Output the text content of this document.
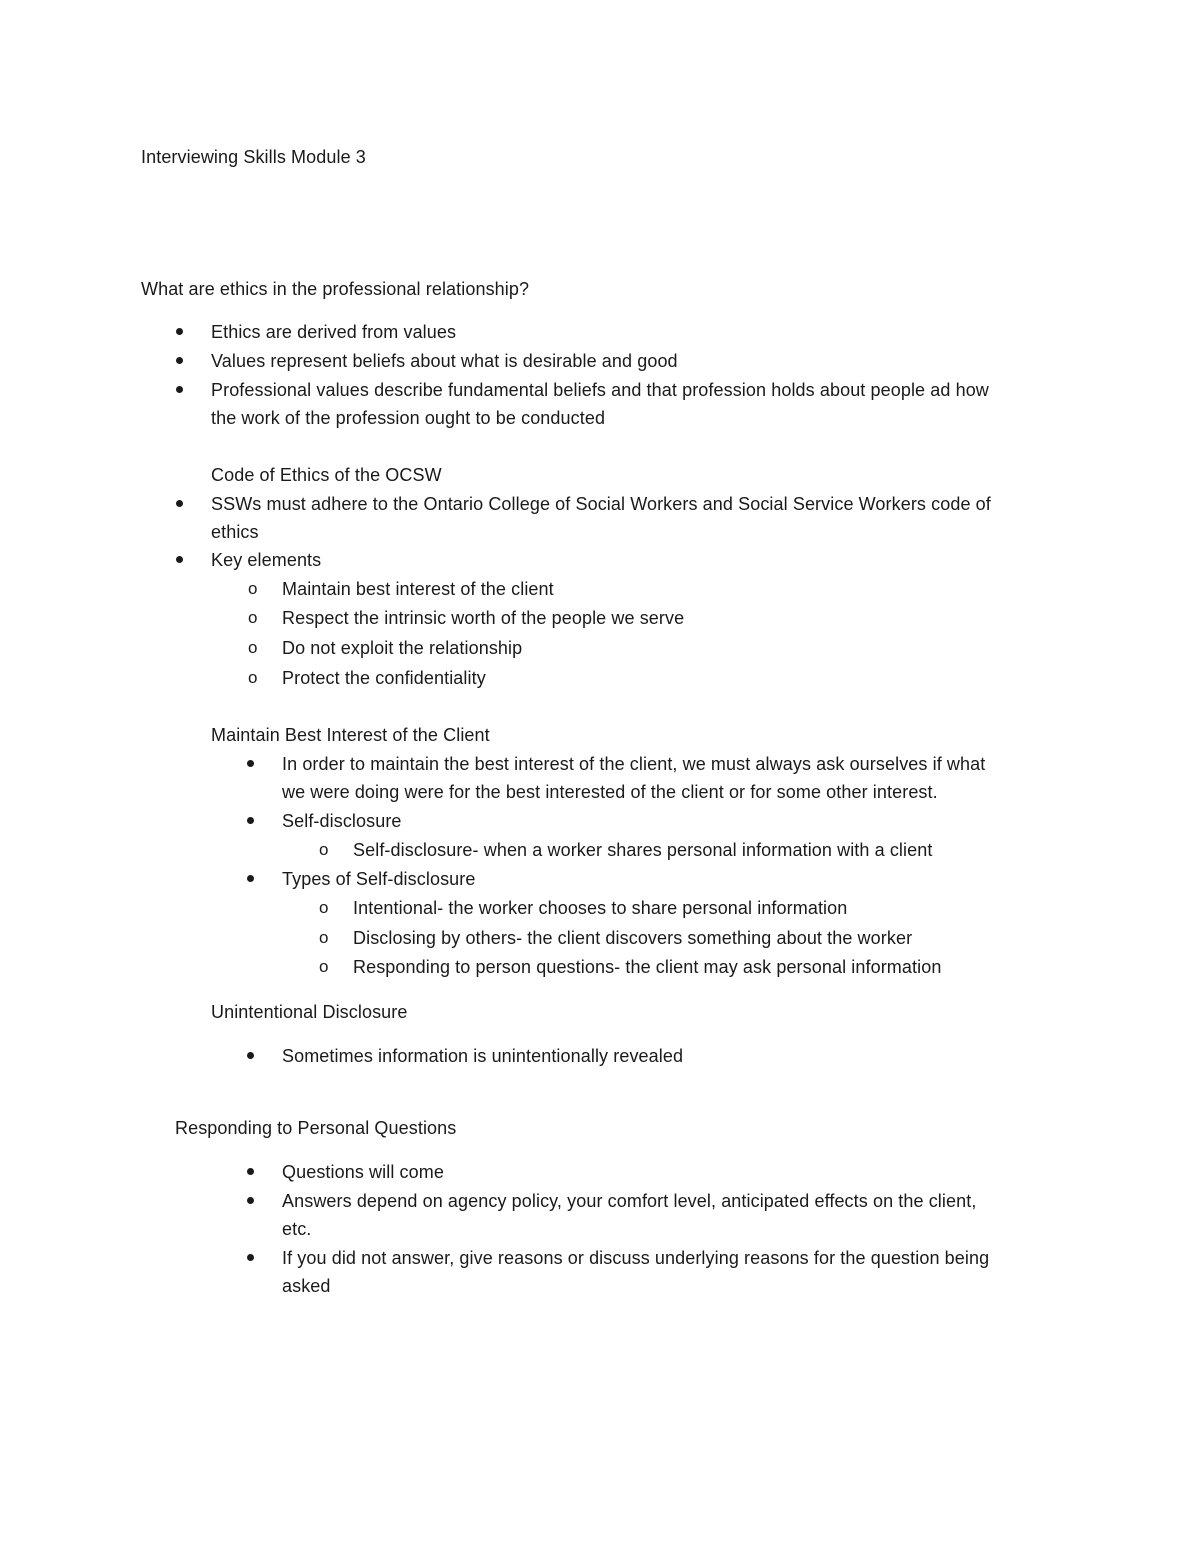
Interviewing Skills Module 3
What are ethics in the professional relationship?
Ethics are derived from values
Values represent beliefs about what is desirable and good
Professional values describe fundamental beliefs and that profession holds about people ad how
the work of the profession ought to be conducted
Code of Ethics of the OCSW
SSWs must adhere to the Ontario College of Social Workers and Social Service Workers code of
ethics
Key elements
o Maintain best interest of the client
o Respect the intrinsic worth of the people we serve
o Do not exploit the relationship
o Protect the confidentiality
Maintain Best Interest of the Client
In order to maintain the best interest of the client, we must always ask ourselves if what
we were doing were for the best interested of the client or for some other interest.
Self-disclosure
o Self-disclosure- when a worker shares personal information with a client
Types of Self-disclosure
o Intentional- the worker chooses to share personal information
o Disclosing by others- the client discovers something about the worker
o Responding to person questions- the client may ask personal information
Unintentional Disclosure
Sometimes information is unintentionally revealed
Responding to Personal Questions
Questions will come
Answers depend on agency policy, your comfort level, anticipated effects on the client,
etc.
If you did not answer, give reasons or discuss underlying reasons for the question being
asked
